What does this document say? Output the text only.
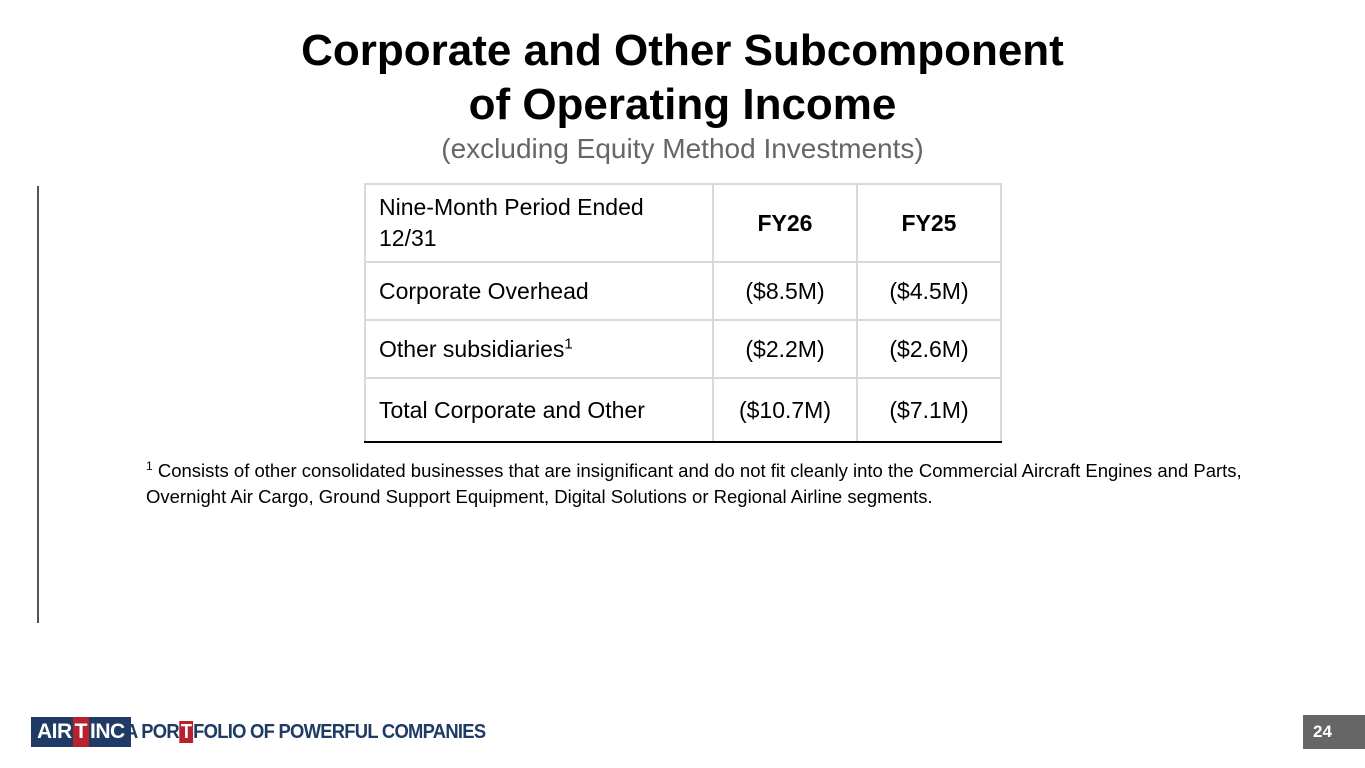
Corporate and Other Subcomponent
of Operating Income
(excluding Equity Method Investments)
Nine-Month Period Ended 12/31	FY26	FY25
Corporate Overhead	($8.5M)	($4.5M)
Other subsidiaries$^1$	($2.2M)	($2.6M)
Total Corporate and Other	($10.7M)	($7.1M)
$^1$ Consists of other consolidated businesses that are insignificant and do not fit cleanly into the Commercial Aircraft Engines and Parts, Overnight Air Cargo, Ground Support Equipment, Digital Solutions or Regional Airline segments.
AIR T INC A PORTFOLIO OF POWERFUL COMPANIES	24
